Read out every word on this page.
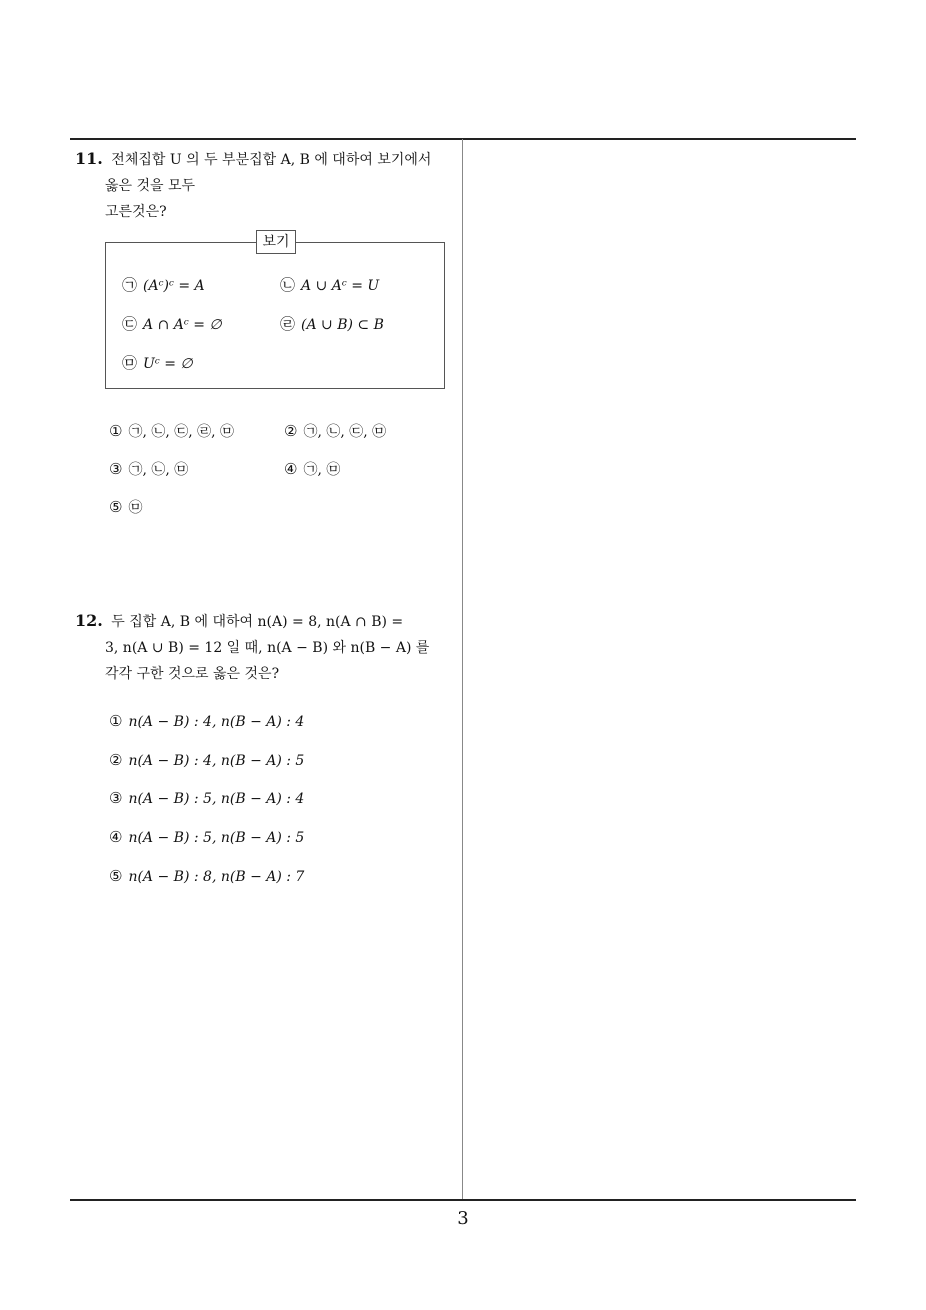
3
11. 전체집합 U 의 두 부분집합 A, B 에 대하여 보기에서
옳은 것을 모두
고른것은?
보기
㉠ (Aᶜ)ᶜ = A	㉡ A ∪ Aᶜ = U
㉢ A ∩ Aᶜ = ∅	㉣ (A ∪ B) ⊂ B
㉤ Uᶜ = ∅
① ㉠, ㉡, ㉢, ㉣, ㉤	② ㉠, ㉡, ㉢, ㉤
③ ㉠, ㉡, ㉤	④ ㉠, ㉤
⑤ ㉤
12. 두 집합 A, B 에 대하여 n(A) = 8, n(A ∩ B) =
3, n(A ∪ B) = 12 일 때, n(A − B) 와 n(B − A) 를
각각 구한 것으로 옳은 것은?
① n(A − B) : 4, n(B − A) : 4
② n(A − B) : 4, n(B − A) : 5
③ n(A − B) : 5, n(B − A) : 4
④ n(A − B) : 5, n(B − A) : 5
⑤ n(A − B) : 8, n(B − A) : 7
